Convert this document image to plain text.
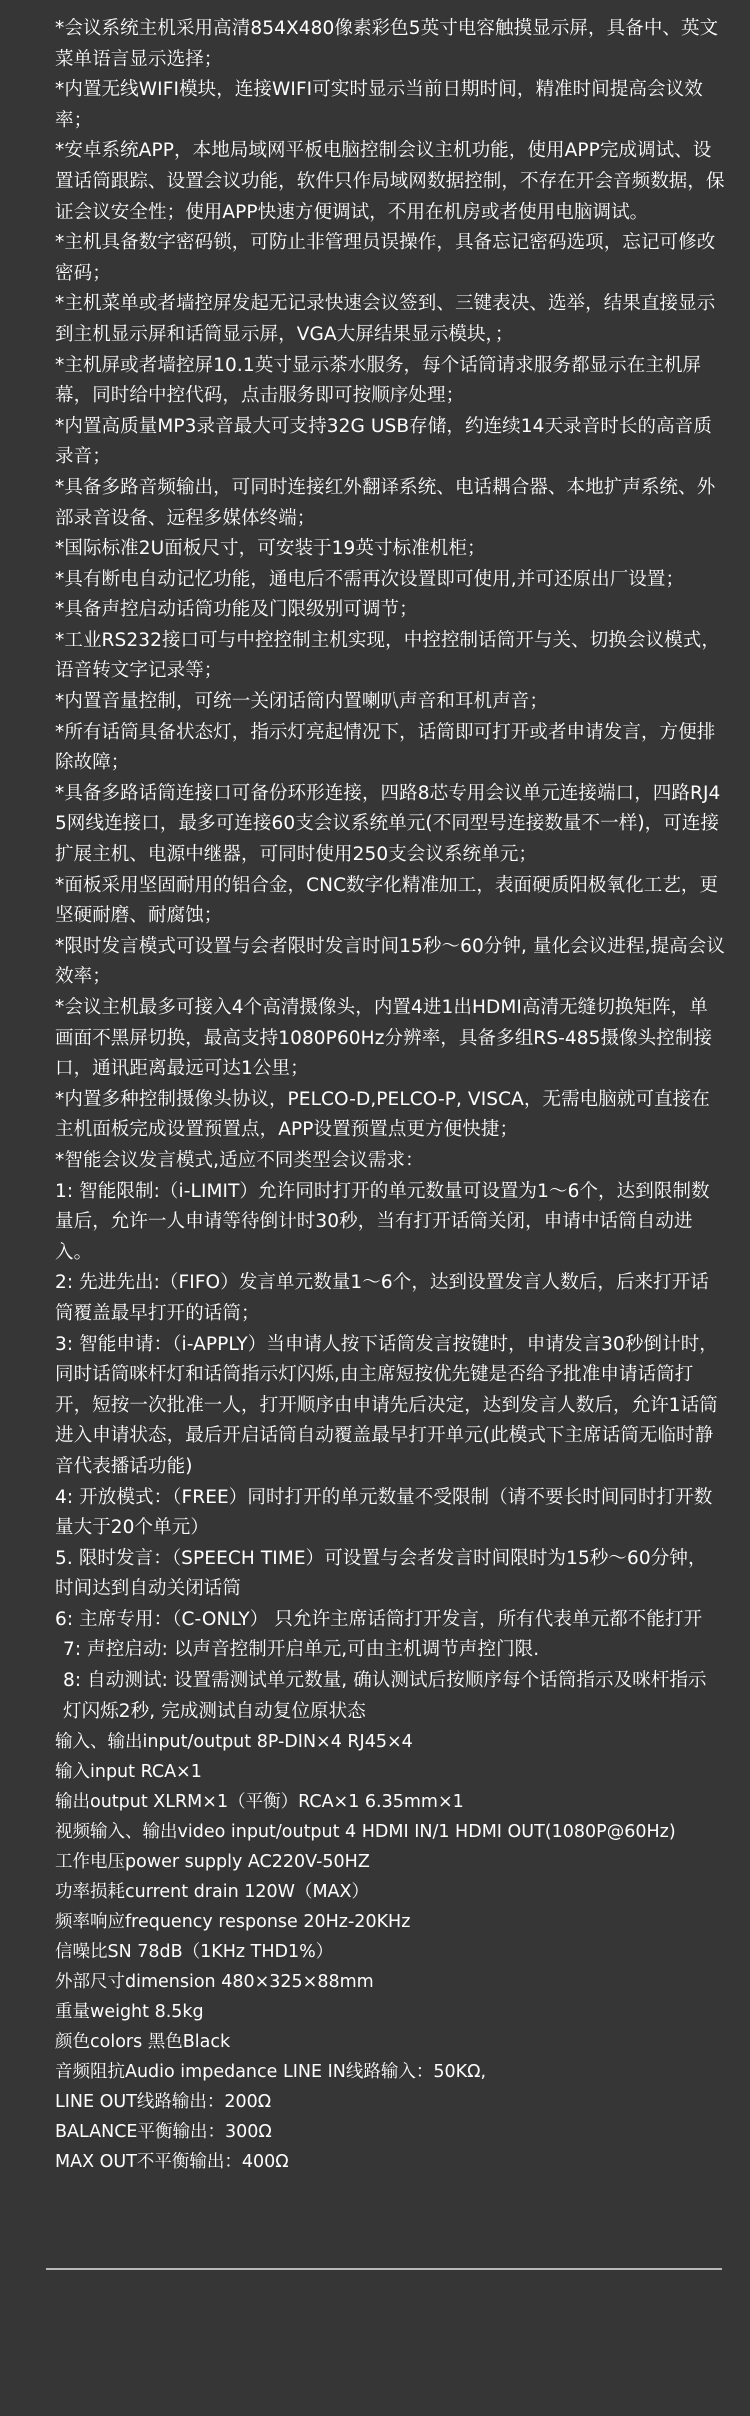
*会议系统主机采用高清854X480像素彩色5英寸电容触摸显示屏，具备中、英文菜单语言显示选择；

*内置无线WIFI模块，连接WIFI可实时显示当前日期时间，精准时间提高会议效率；

*安卓系统APP，本地局域网平板电脑控制会议主机功能，使用APP完成调试、设置话筒跟踪、设置会议功能，软件只作局域网数据控制，不存在开会音频数据，保证会议安全性；使用APP快速方便调试，不用在机房或者使用电脑调试。

*主机具备数字密码锁，可防止非管理员误操作，具备忘记密码选项，忘记可修改密码；

*主机菜单或者墙控屏发起无记录快速会议签到、三键表决、选举，结果直接显示到主机显示屏和话筒显示屏，VGA大屏结果显示模块，；

*主机屏或者墙控屏10.1英寸显示茶水服务，每个话筒请求服务都显示在主机屏幕，同时给中控代码，点击服务即可按顺序处理；

*内置高质量MP3录音最大可支持32G USB存储，约连续14天录音时长的高音质录音；

*具备多路音频输出，可同时连接红外翻译系统、电话耦合器、本地扩声系统、外部录音设备、远程多媒体终端；

*国际标准2U面板尺寸，可安装于19英寸标准机柜；

*具有断电自动记忆功能，通电后不需再次设置即可使用,并可还原出厂设置；

*具备声控启动话筒功能及门限级别可调节；

*工业RS232接口可与中控控制主机实现，中控控制话筒开与关、切换会议模式，语音转文字记录等；

*内置音量控制，可统一关闭话筒内置喇叭声音和耳机声音；

*所有话筒具备状态灯，指示灯亮起情况下，话筒即可打开或者申请发言，方便排除故障；

*具备多路话筒连接口可备份环形连接，四路8芯专用会议单元连接端口，四路RJ45网线连接口，最多可连接60支会议系统单元(不同型号连接数量不一样)，可连接扩展主机、电源中继器，可同时使用250支会议系统单元；

*面板采用坚固耐用的铝合金，CNC数字化精准加工，表面硬质阳极氧化工艺，更坚硬耐磨、耐腐蚀；

*限时发言模式可设置与会者限时发言时间15秒～60分钟, 量化会议进程,提高会议效率；

*会议主机最多可接入4个高清摄像头，内置4进1出HDMI高清无缝切换矩阵，单画面不黑屏切换，最高支持1080P60Hz分辨率，具备多组RS-485摄像头控制接口，通讯距离最远可达1公里；

*内置多种控制摄像头协议，PELCO-D,PELCO-P, VISCA，无需电脑就可直接在主机面板完成设置预置点，APP设置预置点更方便快捷；

*智能会议发言模式,适应不同类型会议需求：

1: 智能限制:（i-LIMIT）允许同时打开的单元数量可设置为1～6个，达到限制数量后，允许一人申请等待倒计时30秒，当有打开话筒关闭，申请中话筒自动进入。

2: 先进先出:（FIFO）发言单元数量1～6个，达到设置发言人数后，后来打开话筒覆盖最早打开的话筒；

3: 智能申请：（i-APPLY）当申请人按下话筒发言按键时，申请发言30秒倒计时，同时话筒咪杆灯和话筒指示灯闪烁,由主席短按优先键是否给予批准申请话筒打开，短按一次批准一人，打开顺序由申请先后决定，达到发言人数后，允许1话筒进入申请状态，最后开启话筒自动覆盖最早打开单元(此模式下主席话筒无临时静音代表播话功能)

4: 开放模式：（FREE）同时打开的单元数量不受限制（请不要长时间同时打开数量大于20个单元）

5. 限时发言：（SPEECH TIME）可设置与会者发言时间限时为15秒～60分钟，时间达到自动关闭话筒

6: 主席专用：（C-ONLY） 只允许主席话筒打开发言，所有代表单元都不能打开

7: 声控启动: 以声音控制开启单元,可由主机调节声控门限.

8: 自动测试: 设置需测试单元数量, 确认测试后按顺序每个话筒指示及咪杆指示灯闪烁2秒, 完成测试自动复位原状态

输入、输出input/output 8P-DIN×4 RJ45×4

输入input RCA×1

输出output XLRM×1（平衡）RCA×1 6.35mm×1

视频输入、输出video input/output 4 HDMI IN/1 HDMI OUT(1080P@60Hz)

工作电压power supply AC220V-50HZ

功率损耗current drain 120W（MAX）

频率响应frequency response 20Hz-20KHz

信噪比SN 78dB（1KHz THD1%）

外部尺寸dimension 480×325×88mm

重量weight 8.5kg

颜色colors 黑色Black

音频阻抗Audio impedance LINE IN线路输入：50KΩ,

LINE OUT线路输出：200Ω

BALANCE平衡输出：300Ω

MAX OUT不平衡输出：400Ω
